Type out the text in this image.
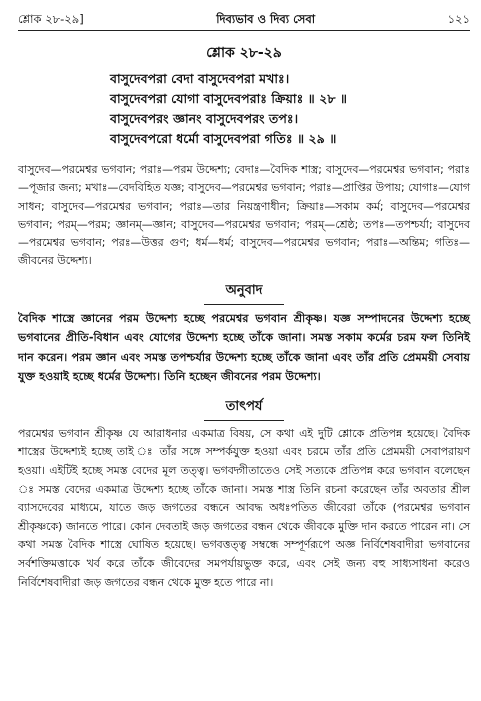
শ্লোক ২৮-২৯]	দিব্যভাব ও দিব্য সেবা	১২১
শ্লোক ২৮-২৯
বাসুদেবপরা বেদা বাসুদেবপরা মখাঃ।
বাসুদেবপরা যোগা বাসুদেবপরাঃ ক্রিয়াঃ ॥ ২৮ ॥
বাসুদেবপরং জ্ঞানং বাসুদেবপরং তপঃ।
বাসুদেবপরো ধর্মো বাসুদেবপরা গতিঃ ॥ ২৯ ॥
বাসুদেব—পরমেশ্বর ভগবান; পরাঃ—পরম উদ্দেশ্য; বেদাঃ—বৈদিক শাস্ত্র; বাসুদেব—পরমেশ্বর ভগবান; পরাঃ—পূজার জন্য; মখাঃ—বেদবিহিত যজ্ঞ; বাসুদেব—পরমেশ্বর ভগবান; পরাঃ—প্রাপ্তির উপায়; যোগাঃ—যোগ সাধন; বাসুদেব—পরমেশ্বর ভগবান; পরাঃ—তার নিয়ন্ত্রণাধীন; ক্রিয়াঃ—সকাম কর্ম; বাসুদেব—পরমেশ্বর ভগবান; পরম্—পরম; জ্ঞানম্—জ্ঞান; বাসুদেব—পরমেশ্বর ভগবান; পরম্—শ্রেষ্ঠ; তপঃ—তপশ্চর্যা; বাসুদেব—পরমেশ্বর ভগবান; পরঃ—উত্তর গুণ; ধর্ম—ধর্ম; বাসুদেব—পরমেশ্বর ভগবান; পরাঃ—অন্তিম; গতিঃ—জীবনের উদ্দেশ্য।
অনুবাদ
বৈদিক শাস্ত্রে জ্ঞানের পরম উদ্দেশ্য হচ্ছে পরমেশ্বর ভগবান শ্রীকৃষ্ণ। যজ্ঞ সম্পাদনের উদ্দেশ্য হচ্ছে ভগবানের প্রীতি-বিধান এবং যোগের উদ্দেশ্য হচ্ছে তাঁকে জানা। সমস্ত সকাম কর্মের চরম ফল তিনিই দান করেন। পরম জ্ঞান এবং সমস্ত তপশ্চর্যার উদ্দেশ্য হচ্ছে তাঁকে জানা এবং তাঁর প্রতি প্রেমময়ী সেবায় যুক্ত হওয়াই হচ্ছে ধর্মের উদ্দেশ্য। তিনি হচ্ছেন জীবনের পরম উদ্দেশ্য।
তাৎপর্য
পরমেশ্বর ভগবান শ্রীকৃষ্ণ যে আরাধনার একমাত্র বিষয়, সে কথা এই দুটি শ্লোকে প্রতিপন্ন হয়েছে। বৈদিক শাস্ত্রের উদ্দেশ্যই হচ্ছে তাই ঃ তাঁর সঙ্গে সম্পর্কযুক্ত হওয়া এবং চরমে তাঁর প্রতি প্রেমময়ী সেবাপরায়ণ হওয়া। এইটিই হচ্ছে সমস্ত বেদের মূল তত্ত্ব। ভগবদ্গীতাতেও সেই সত্যকে প্রতিপন্ন করে ভগবান বলেছেন ঃ সমস্ত বেদের একমাত্র উদ্দেশ্য হচ্ছে তাঁকে জানা। সমস্ত শাস্ত্র তিনি রচনা করেছেন তাঁর অবতার শ্রীল ব্যাসদেবের মাধ্যমে, যাতে জড় জগতের বন্ধনে আবদ্ধ অধঃপতিত জীবেরা তাঁকে (পরমেশ্বর ভগবান শ্রীকৃষ্ণকে) জানতে পারে। কোন দেবতাই জড় জগতের বন্ধন থেকে জীবকে মুক্তি দান করতে পারেন না। সে কথা সমস্ত বৈদিক শাস্ত্রে ঘোষিত হয়েছে। ভগবত্তত্ত্ব সম্বন্ধে সম্পূর্ণরূপে অজ্ঞ নির্বিশেষবাদীরা ভগবানের সর্বশক্তিমত্তাকে খর্ব করে তাঁকে জীবেদের সমপর্যায়ভুক্ত করে, এবং সেই জন্য বহু সাধ্যসাধনা করেও নির্বিশেষবাদীরা জড় জগতের বন্ধন থেকে মুক্ত হতে পারে না।
